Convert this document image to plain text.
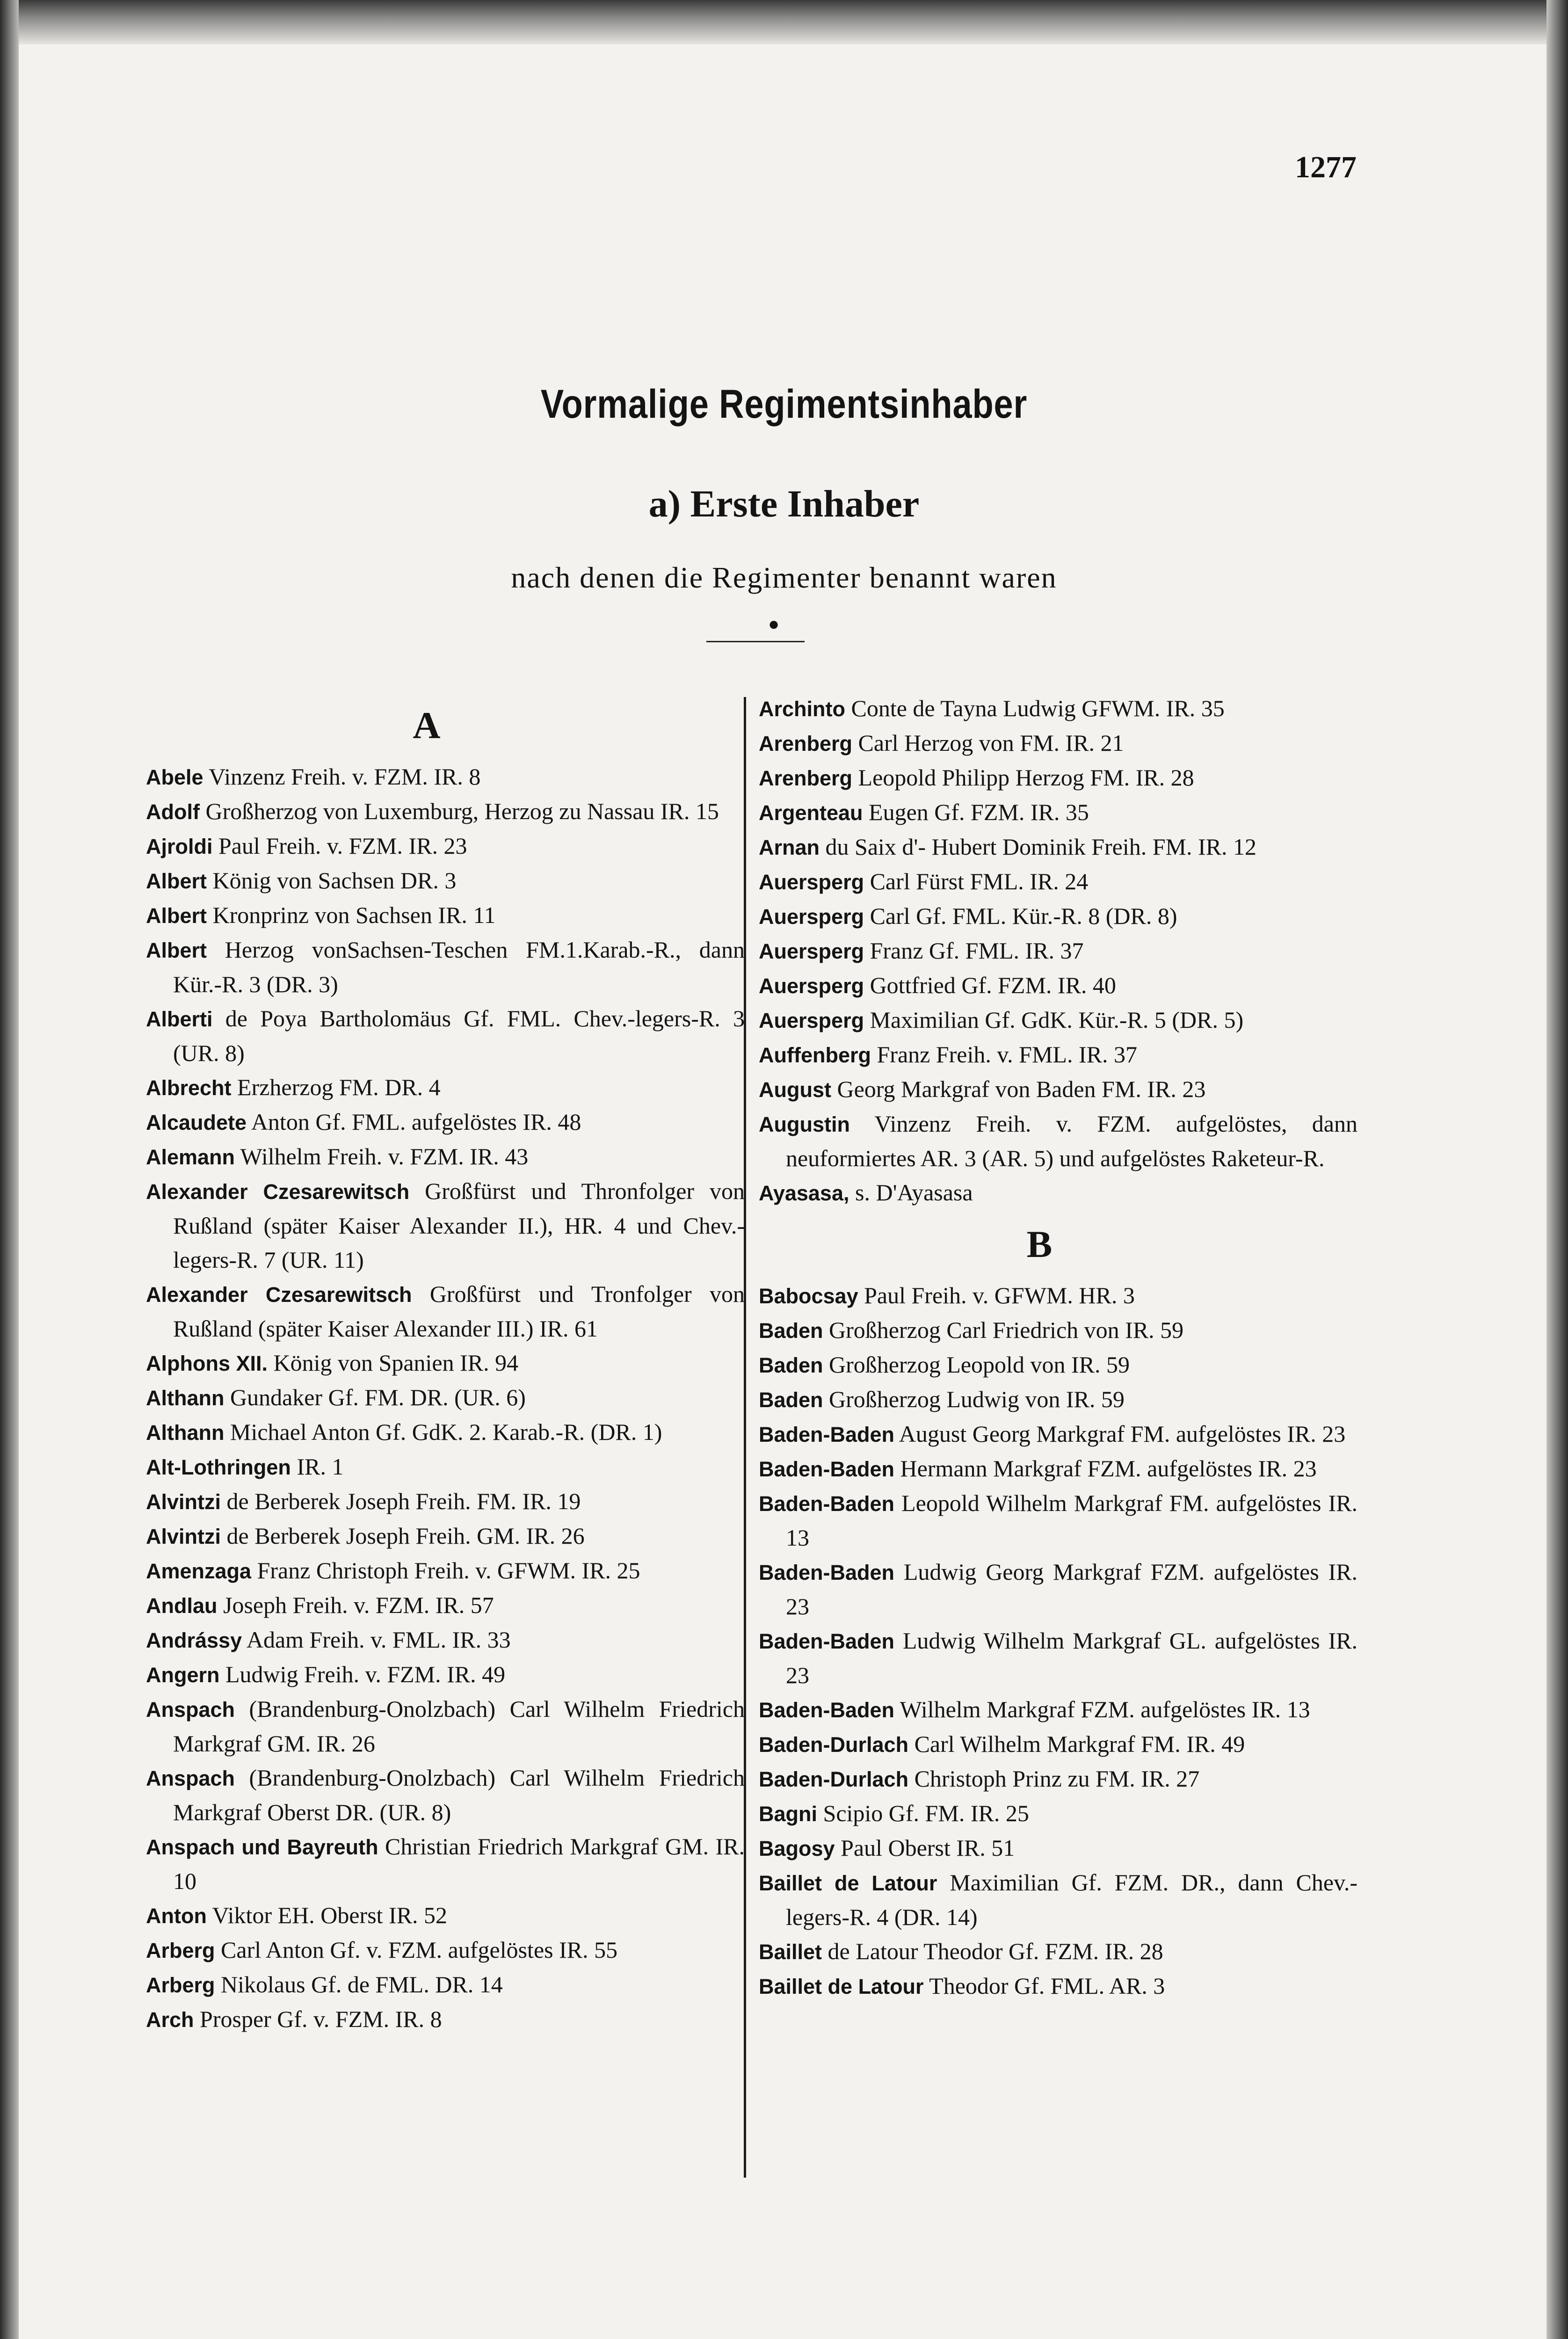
1277
Vormalige Regimentsinhaber
a) Erste Inhaber
nach denen die Regimenter benannt waren
●
A
Abele Vinzenz Freih. v. FZM. IR. 8
Adolf Großherzog von Luxemburg, Herzog zu Nassau IR. 15
Ajroldi Paul Freih. v. FZM. IR. 23
Albert König von Sachsen DR. 3
Albert Kronprinz von Sachsen IR. 11
Albert Herzog vonSachsen-Teschen FM.1.Karab.-R., dann Kür.-R. 3 (DR. 3)
Alberti de Poya Bartholomäus Gf. FML. Chev.-legers-R. 3 (UR. 8)
Albrecht Erzherzog FM. DR. 4
Alcaudete Anton Gf. FML. aufgelöstes IR. 48
Alemann Wilhelm Freih. v. FZM. IR. 43
Alexander Czesarewitsch Großfürst und Thronfolger von Rußland (später Kaiser Alexander II.), HR. 4 und Chev.-legers-R. 7 (UR. 11)
Alexander Czesarewitsch Großfürst und Tronfolger von Rußland (später Kaiser Alexander III.) IR. 61
Alphons XII. König von Spanien IR. 94
Althann Gundaker Gf. FM. DR. (UR. 6)
Althann Michael Anton Gf. GdK. 2. Karab.-R. (DR. 1)
Alt-Lothringen IR. 1
Alvintzi de Berberek Joseph Freih. FM. IR. 19
Alvintzi de Berberek Joseph Freih. GM. IR. 26
Amenzaga Franz Christoph Freih. v. GFWM. IR. 25
Andlau Joseph Freih. v. FZM. IR. 57
Andrássy Adam Freih. v. FML. IR. 33
Angern Ludwig Freih. v. FZM. IR. 49
Anspach (Brandenburg-Onolzbach) Carl Wilhelm Friedrich Markgraf GM. IR. 26
Anspach (Brandenburg-Onolzbach) Carl Wilhelm Friedrich Markgraf Oberst DR. (UR. 8)
Anspach und Bayreuth Christian Friedrich Markgraf GM. IR. 10
Anton Viktor EH. Oberst IR. 52
Arberg Carl Anton Gf. v. FZM. aufgelöstes IR. 55
Arberg Nikolaus Gf. de FML. DR. 14
Arch Prosper Gf. v. FZM. IR. 8
Archinto Conte de Tayna Ludwig GFWM. IR. 35
Arenberg Carl Herzog von FM. IR. 21
Arenberg Leopold Philipp Herzog FM. IR. 28
Argenteau Eugen Gf. FZM. IR. 35
Arnan du Saix d'- Hubert Dominik Freih. FM. IR. 12
Auersperg Carl Fürst FML. IR. 24
Auersperg Carl Gf. FML. Kür.-R. 8 (DR. 8)
Auersperg Franz Gf. FML. IR. 37
Auersperg Gottfried Gf. FZM. IR. 40
Auersperg Maximilian Gf. GdK. Kür.-R. 5 (DR. 5)
Auffenberg Franz Freih. v. FML. IR. 37
August Georg Markgraf von Baden FM. IR. 23
Augustin Vinzenz Freih. v. FZM. aufgelöstes, dann neuformiertes AR. 3 (AR. 5) und aufgelöstes Raketeur-R.
Ayasasa, s. D'Ayasasa
B
Babocsay Paul Freih. v. GFWM. HR. 3
Baden Großherzog Carl Friedrich von IR. 59
Baden Großherzog Leopold von IR. 59
Baden Großherzog Ludwig von IR. 59
Baden-Baden August Georg Markgraf FM. aufgelöstes IR. 23
Baden-Baden Hermann Markgraf FZM. aufgelöstes IR. 23
Baden-Baden Leopold Wilhelm Markgraf FM. aufgelöstes IR. 13
Baden-Baden Ludwig Georg Markgraf FZM. aufgelöstes IR. 23
Baden-Baden Ludwig Wilhelm Markgraf GL. aufgelöstes IR. 23
Baden-Baden Wilhelm Markgraf FZM. aufgelöstes IR. 13
Baden-Durlach Carl Wilhelm Markgraf FM. IR. 49
Baden-Durlach Christoph Prinz zu FM. IR. 27
Bagni Scipio Gf. FM. IR. 25
Bagosy Paul Oberst IR. 51
Baillet de Latour Maximilian Gf. FZM. DR., dann Chev.-legers-R. 4 (DR. 14)
Baillet de Latour Theodor Gf. FZM. IR. 28
Baillet de Latour Theodor Gf. FML. AR. 3
